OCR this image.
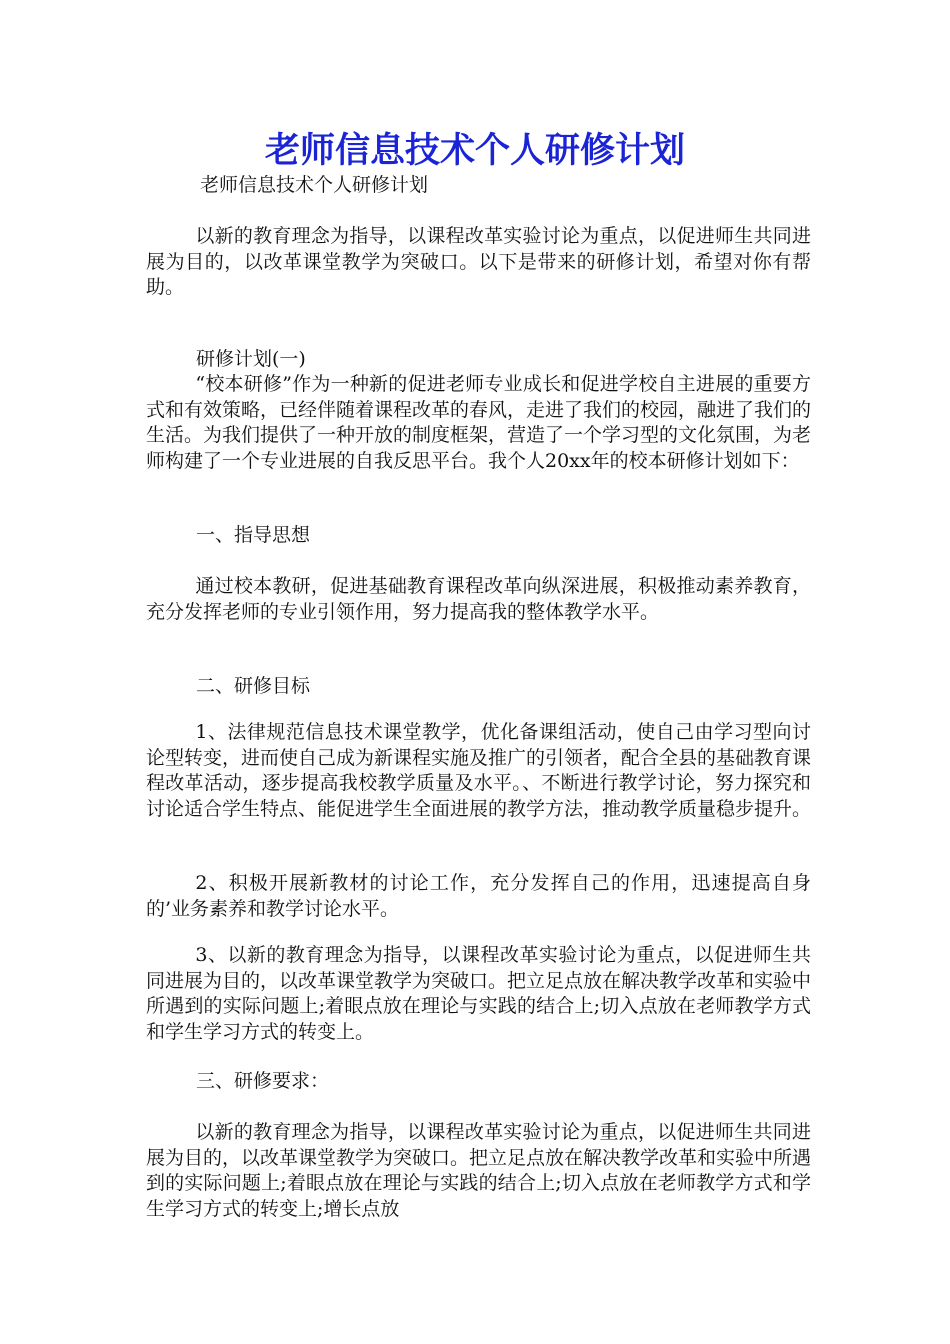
老师信息技术个人研修计划

老师信息技术个人研修计划

以新的教育理念为指导，以课程改革实验讨论为重点，以促进师生共同进展为目的，以改革课堂教学为突破口。以下是带来的研修计划，希望对你有帮助。

研修计划(一)

“校本研修”作为一种新的促进老师专业成长和促进学校自主进展的重要方式和有效策略，已经伴随着课程改革的春风，走进了我们的校园，融进了我们的生活。为我们提供了一种开放的制度框架，营造了一个学习型的文化氛围，为老师构建了一个专业进展的自我反思平台。我个人20xx年的校本研修计划如下：

一、指导思想

通过校本教研，促进基础教育课程改革向纵深进展，积极推动素养教育，充分发挥老师的专业引领作用，努力提高我的整体教学水平。

二、研修目标

1、法律规范信息技术课堂教学，优化备课组活动，使自己由学习型向讨论型转变，进而使自己成为新课程实施及推广的引领者，配合全县的基础教育课程改革活动，逐步提高我校教学质量及水平。、不断进行教学讨论，努力探究和讨论适合学生特点、能促进学生全面进展的教学方法，推动教学质量稳步提升。

2、积极开展新教材的讨论工作，充分发挥自己的作用，迅速提高自身的’业务素养和教学讨论水平。

3、以新的教育理念为指导，以课程改革实验讨论为重点，以促进师生共同进展为目的，以改革课堂教学为突破口。把立足点放在解决教学改革和实验中所遇到的实际问题上;着眼点放在理论与实践的结合上;切入点放在老师教学方式和学生学习方式的转变上。

三、研修要求：

以新的教育理念为指导，以课程改革实验讨论为重点，以促进师生共同进展为目的，以改革课堂教学为突破口。把立足点放在解决教学改革和实验中所遇到的实际问题上;着眼点放在理论与实践的结合上;切入点放在老师教学方式和学生学习方式的转变上;增长点放
